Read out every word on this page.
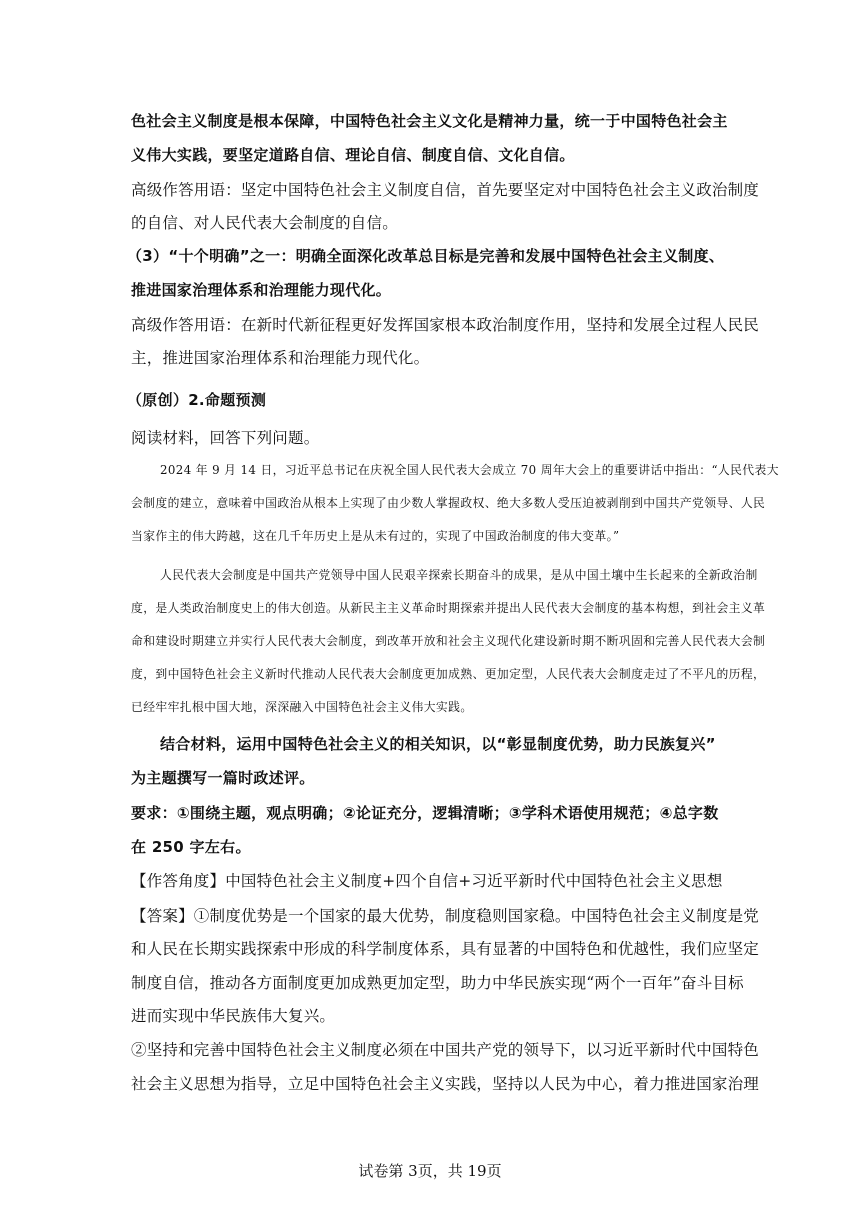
色社会主义制度是根本保障，中国特色社会主义文化是精神力量，统一于中国特色社会主
义伟大实践，要坚定道路自信、理论自信、制度自信、文化自信。
高级作答用语：坚定中国特色社会主义制度自信，首先要坚定对中国特色社会主义政治制度
的自信、对人民代表大会制度的自信。
（3）“十个明确”之一：明确全面深化改革总目标是完善和发展中国特色社会主义制度、
推进国家治理体系和治理能力现代化。
高级作答用语：在新时代新征程更好发挥国家根本政治制度作用，坚持和发展全过程人民民
主，推进国家治理体系和治理能力现代化。
（原创）2.命题预测
阅读材料，回答下列问题。
2024 年 9 月 14 日，习近平总书记在庆祝全国人民代表大会成立 70 周年大会上的重要讲话中指出：“人民代表大
会制度的建立，意味着中国政治从根本上实现了由少数人掌握政权、绝大多数人受压迫被剥削到中国共产党领导、人民
当家作主的伟大跨越，这在几千年历史上是从未有过的，实现了中国政治制度的伟大变革。”
人民代表大会制度是中国共产党领导中国人民艰辛探索长期奋斗的成果，是从中国土壤中生长起来的全新政治制
度，是人类政治制度史上的伟大创造。从新民主主义革命时期探索并提出人民代表大会制度的基本构想，到社会主义革
命和建设时期建立并实行人民代表大会制度，到改革开放和社会主义现代化建设新时期不断巩固和完善人民代表大会制
度，到中国特色社会主义新时代推动人民代表大会制度更加成熟、更加定型，人民代表大会制度走过了不平凡的历程，
已经牢牢扎根中国大地，深深融入中国特色社会主义伟大实践。
结合材料，运用中国特色社会主义的相关知识，以“彰显制度优势，助力民族复兴”
为主题撰写一篇时政述评。
要求：①围绕主题，观点明确；②论证充分，逻辑清晰；③学科术语使用规范；④总字数
在 250 字左右。
【作答角度】中国特色社会主义制度+四个自信+习近平新时代中国特色社会主义思想
【答案】①制度优势是一个国家的最大优势，制度稳则国家稳。中国特色社会主义制度是党
和人民在长期实践探索中形成的科学制度体系，具有显著的中国特色和优越性，我们应坚定
制度自信，推动各方面制度更加成熟更加定型，助力中华民族实现“两个一百年”奋斗目标
进而实现中华民族伟大复兴。
②坚持和完善中国特色社会主义制度必须在中国共产党的领导下，以习近平新时代中国特色
社会主义思想为指导，立足中国特色社会主义实践，坚持以人民为中心，着力推进国家治理
试卷第 3页，共 19页
